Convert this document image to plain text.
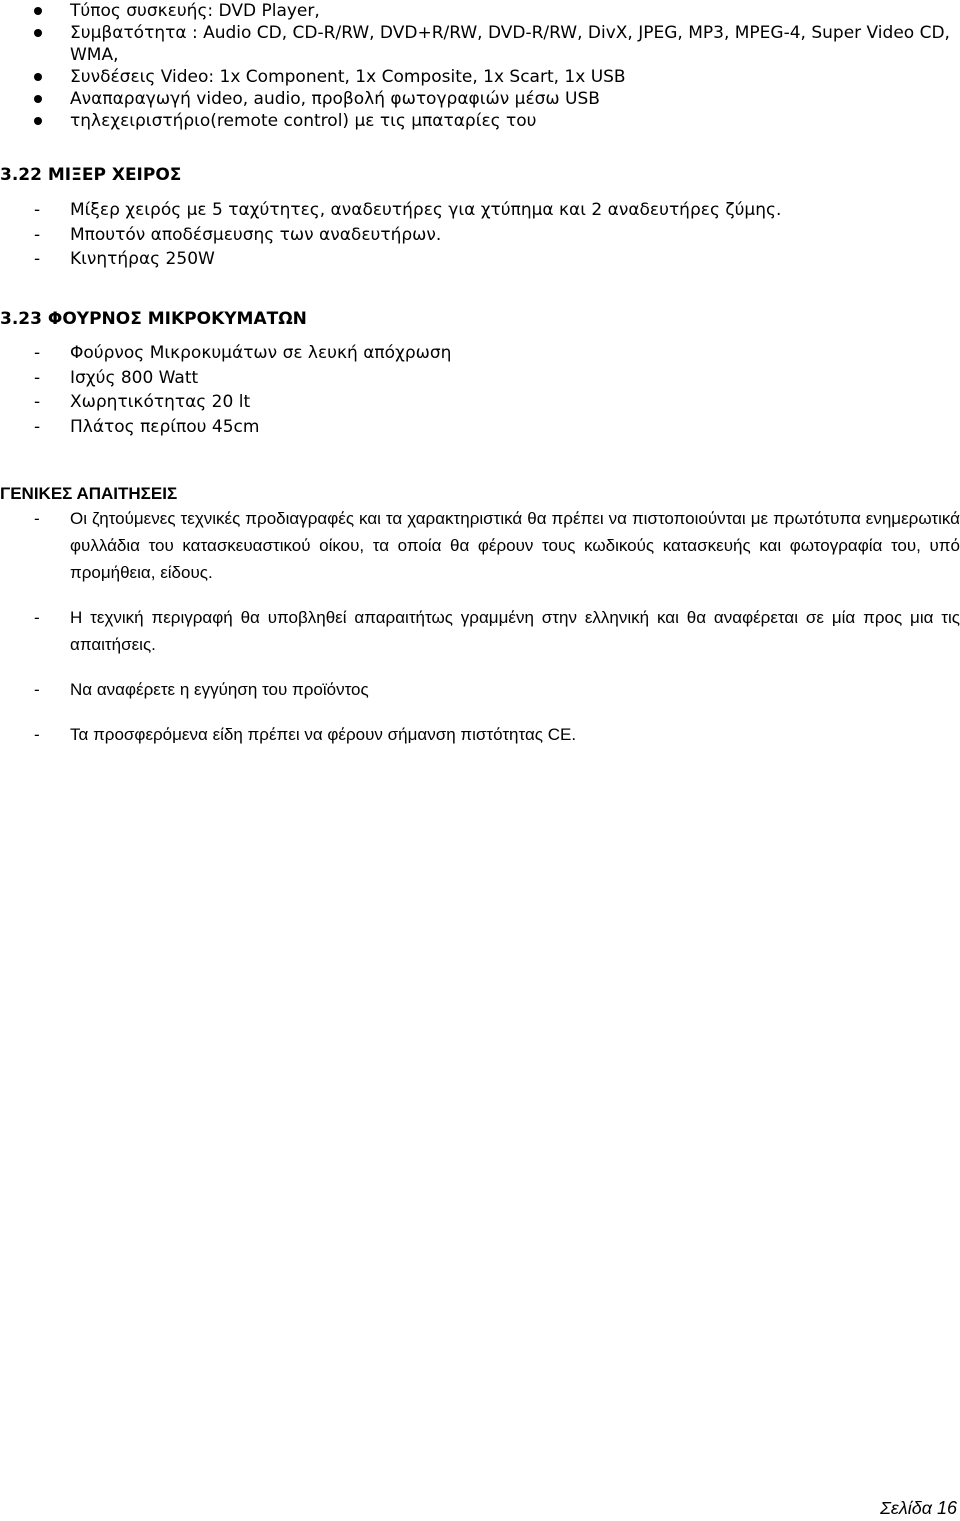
Τύπος συσκευής: DVD Player,
Συμβατότητα : Audio CD, CD-R/RW, DVD+R/RW, DVD-R/RW, DivX, JPEG, MP3, MPEG-4, Super Video CD, WMA,
Συνδέσεις Video: 1x Component, 1x Composite, 1x Scart, 1x USB
Αναπαραγωγή video, audio, προβολή φωτογραφιών μέσω USB
τηλεχειριστήριο(remote control) με τις μπαταρίες του
3.22 ΜΙΞΕΡ ΧΕΙΡΟΣ
- Μίξερ χειρός με 5 ταχύτητες, αναδευτήρες για χτύπημα και 2 αναδευτήρες ζύμης.
- Μπουτόν αποδέσμευσης των αναδευτήρων.
- Κινητήρας 250W
3.23 ΦΟΥΡΝΟΣ ΜΙΚΡΟΚΥΜΑΤΩΝ
- Φούρνος Μικροκυμάτων σε λευκή απόχρωση
- Ισχύς 800 Watt
- Χωρητικότητας 20 lt
- Πλάτος περίπου 45cm
ΓΕΝΙΚΕΣ ΑΠΑΙΤΗΣΕΙΣ
- Οι ζητούμενες τεχνικές προδιαγραφές και τα χαρακτηριστικά θα πρέπει να πιστοποιούνται με πρωτότυπα ενημερωτικά φυλλάδια του κατασκευαστικού οίκου, τα οποία θα φέρουν τους κωδικούς κατασκευής και φωτογραφία του, υπό προμήθεια, είδους.
- Η τεχνική περιγραφή θα υποβληθεί απαραιτήτως γραμμένη στην ελληνική και θα αναφέρεται σε μία προς μια τις απαιτήσεις.
- Να αναφέρετε η εγγύηση του προϊόντος
- Τα προσφερόμενα είδη πρέπει να φέρουν σήμανση πιστότητας CE.
Σελίδα 16
